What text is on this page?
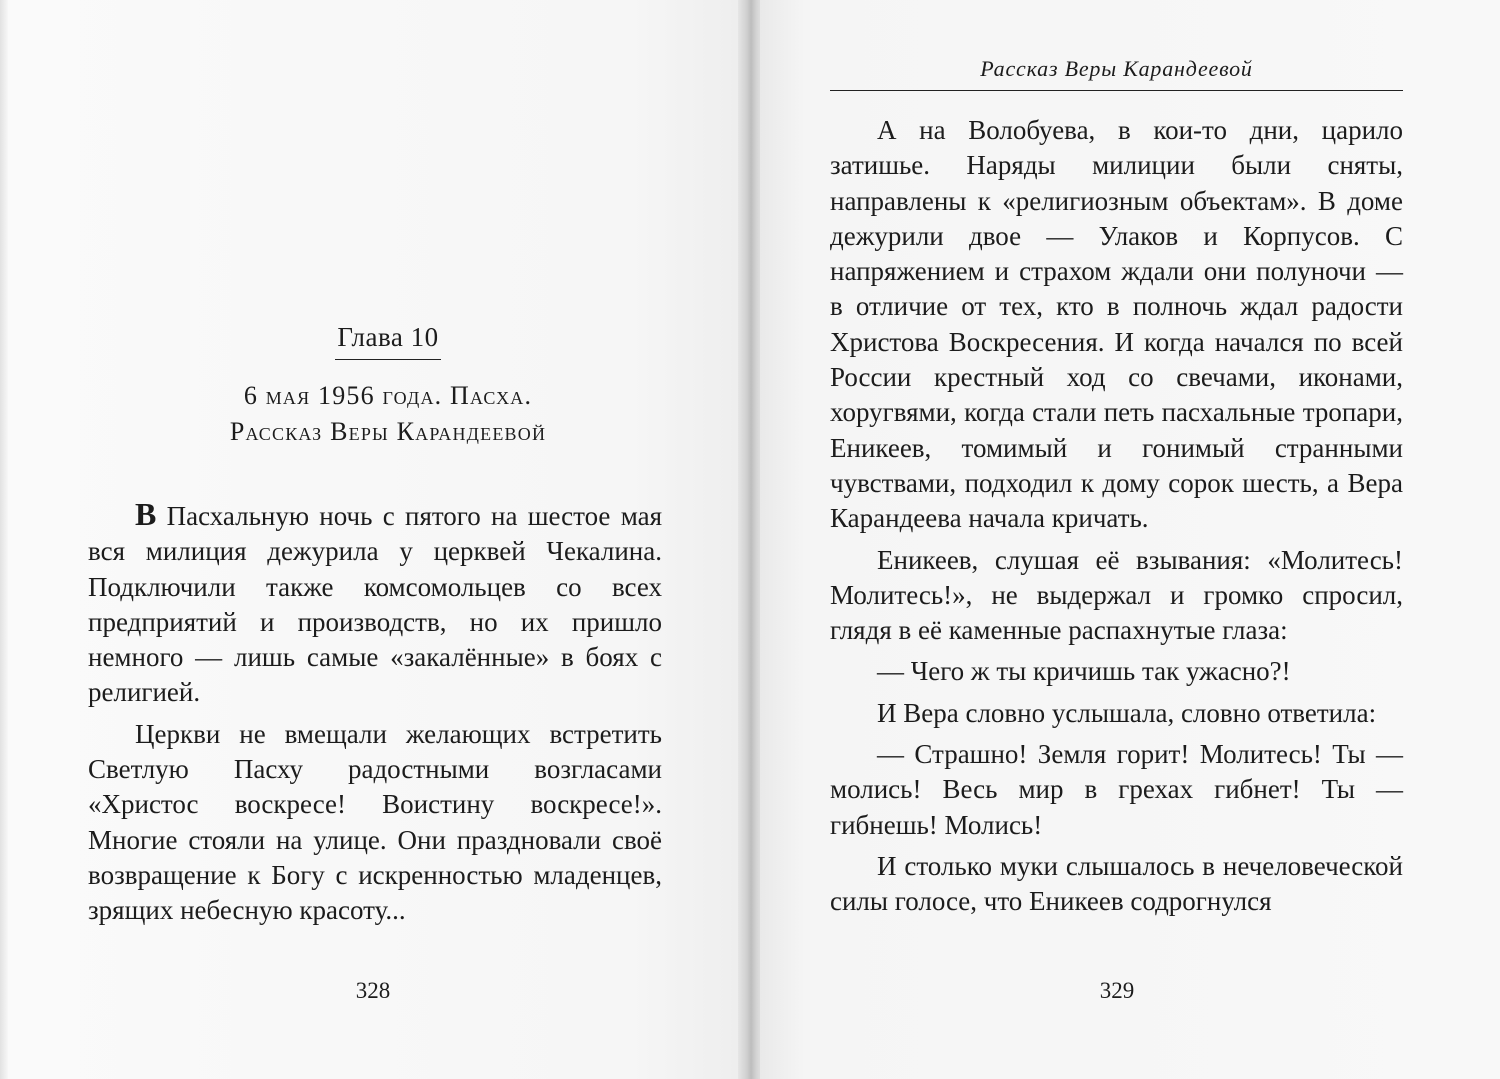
Глава 10
6 мая 1956 года. Пасха.
Рассказ Веры Карандеевой

В Пасхальную ночь с пятого на шестое мая вся милиция дежурила у церквей Чекалина. Подключили также комсомольцев со всех предприятий и производств, но их пришло немного — лишь самые «закалённые» в боях с религией.

Церкви не вмещали желающих встретить Светлую Пасху радостными возгласами «Христос воскресе! Воистину воскресе!». Многие стояли на улице. Они праздновали своё возвращение к Богу с искренностью младенцев, зрящих небесную красоту...

328
Рассказ Веры Карандеевой

А на Волобуева, в кои-то дни, царило затишье. Наряды милиции были сняты, направлены к «религиозным объектам». В доме дежурили двое — Улаков и Корпусов. С напряжением и страхом ждали они полуночи — в отличие от тех, кто в полночь ждал радости Христова Воскресения. И когда начался по всей России крестный ход со свечами, иконами, хоругвями, когда стали петь пасхальные тропари, Еникеев, томимый и гонимый странными чувствами, подходил к дому сорок шесть, а Вера Карандеева начала кричать.

Еникеев, слушая её взывания: «Молитесь! Молитесь!», не выдержал и громко спросил, глядя в её каменные распахнутые глаза:

— Чего ж ты кричишь так ужасно?!

И Вера словно услышала, словно ответила:

— Страшно! Земля горит! Молитесь! Ты — молись! Весь мир в грехах гибнет! Ты — гибнешь! Молись!

И столько муки слышалось в нечеловеческой силы голосе, что Еникеев содрогнулся

329
